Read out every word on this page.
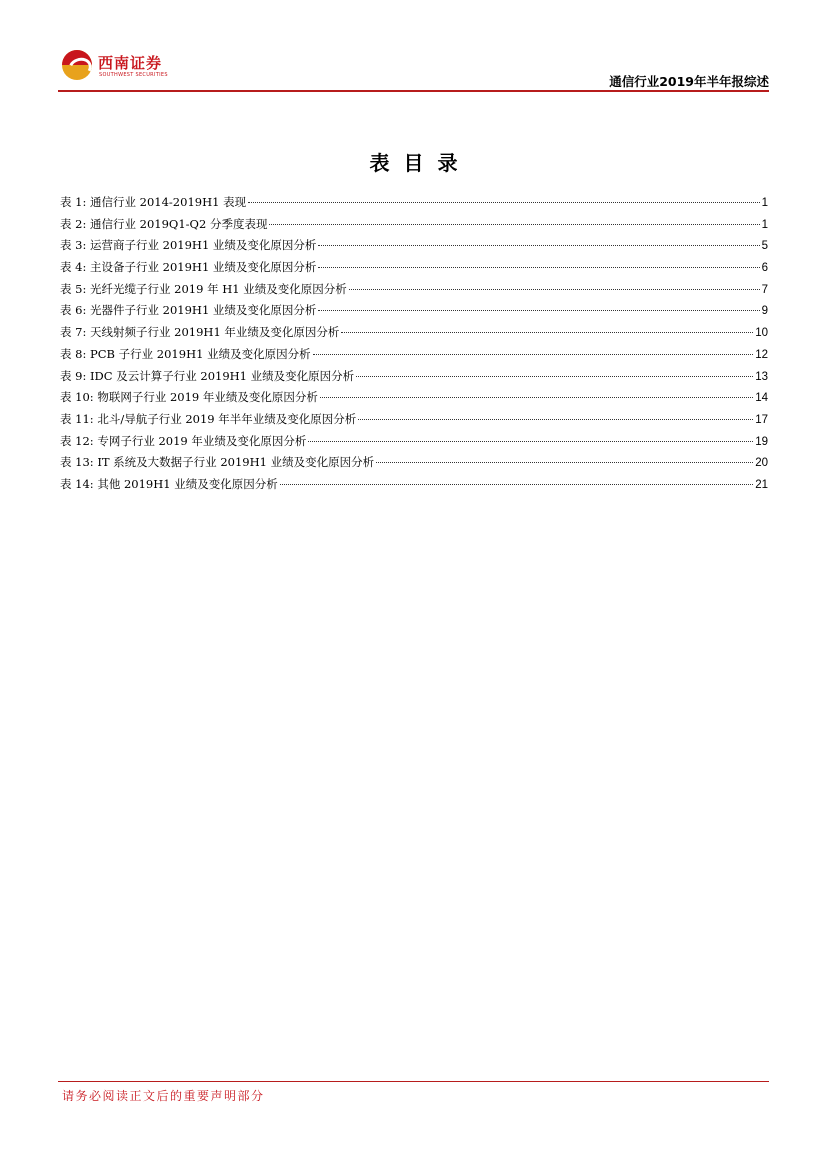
西南证券
SOUTHWEST SECURITIES	通信行业2019年半年报综述
表目录
表 1: 通信行业 2014-2019H1 表现	1
表 2: 通信行业 2019Q1-Q2 分季度表现	1
表 3: 运营商子行业 2019H1 业绩及变化原因分析	5
表 4: 主设备子行业 2019H1 业绩及变化原因分析	6
表 5: 光纤光缆子行业 2019 年 H1 业绩及变化原因分析	7
表 6: 光器件子行业 2019H1 业绩及变化原因分析	9
表 7: 天线射频子行业 2019H1 年业绩及变化原因分析	10
表 8: PCB 子行业 2019H1 业绩及变化原因分析	12
表 9: IDC 及云计算子行业 2019H1 业绩及变化原因分析	13
表 10: 物联网子行业 2019 年业绩及变化原因分析	14
表 11: 北斗/导航子行业 2019 年半年业绩及变化原因分析	17
表 12: 专网子行业 2019 年业绩及变化原因分析	19
表 13: IT 系统及大数据子行业 2019H1 业绩及变化原因分析	20
表 14: 其他 2019H1 业绩及变化原因分析	21
请务必阅读正文后的重要声明部分
